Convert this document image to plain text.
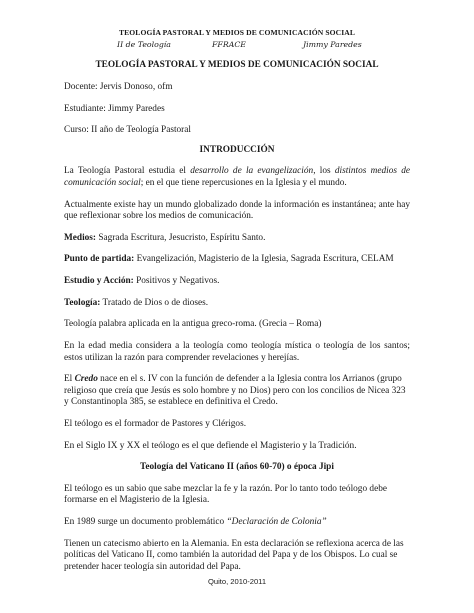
TEOLOGÍA PASTORAL Y MEDIOS DE COMUNICACIÓN SOCIAL
II de Teología	FFRACE	Jimmy Paredes
TEOLOGÍA PASTORAL Y MEDIOS DE COMUNICACIÓN SOCIAL

Docente: Jervis Donoso, ofm

Estudiante: Jimmy Paredes

Curso: II año de Teología Pastoral

INTRODUCCIÓN

La Teología Pastoral estudia el desarrollo de la evangelización, los distintos medios de comunicación social; en el que tiene repercusiones en la Iglesia y el mundo.

Actualmente existe hay un mundo globalizado donde la información es instantánea; ante hay que reflexionar sobre los medios de comunicación.

Medios: Sagrada Escritura, Jesucristo, Espíritu Santo.

Punto de partida: Evangelización, Magisterio de la Iglesia, Sagrada Escritura, CELAM

Estudio y Acción: Positivos y Negativos.

Teología: Tratado de Dios o de dioses.

Teología palabra aplicada en la antigua greco-roma. (Grecia – Roma)

En la edad media considera a la teología como teología mística o teología de los santos; estos utilizan la razón para comprender revelaciones y herejías.

El Credo nace en el s. IV con la función de defender a la Iglesia contra los Arrianos (grupo religioso que creía que Jesús es solo hombre y no Dios) pero con los concilios de Nicea 323 y Constantinopla 385, se establece en definitiva el Credo.

El teólogo es el formador de Pastores y Clérigos.

En el Siglo IX y XX el teólogo es el que defiende el Magisterio y la Tradición.

Teología del Vaticano II (años 60-70) o época Jipi

El teólogo es un sabio que sabe mezclar la fe y la razón. Por lo tanto todo teólogo debe formarse en el Magisterio de la Iglesia.

En 1989 surge un documento problemático “Declaración de Colonia”

Tienen un catecismo abierto en la Alemania. En esta declaración se reflexiona acerca de las políticas del Vaticano II, como también la autoridad del Papa y de los Obispos. Lo cual se pretender hacer teología sin autoridad del Papa.

Quito, 2010-2011
